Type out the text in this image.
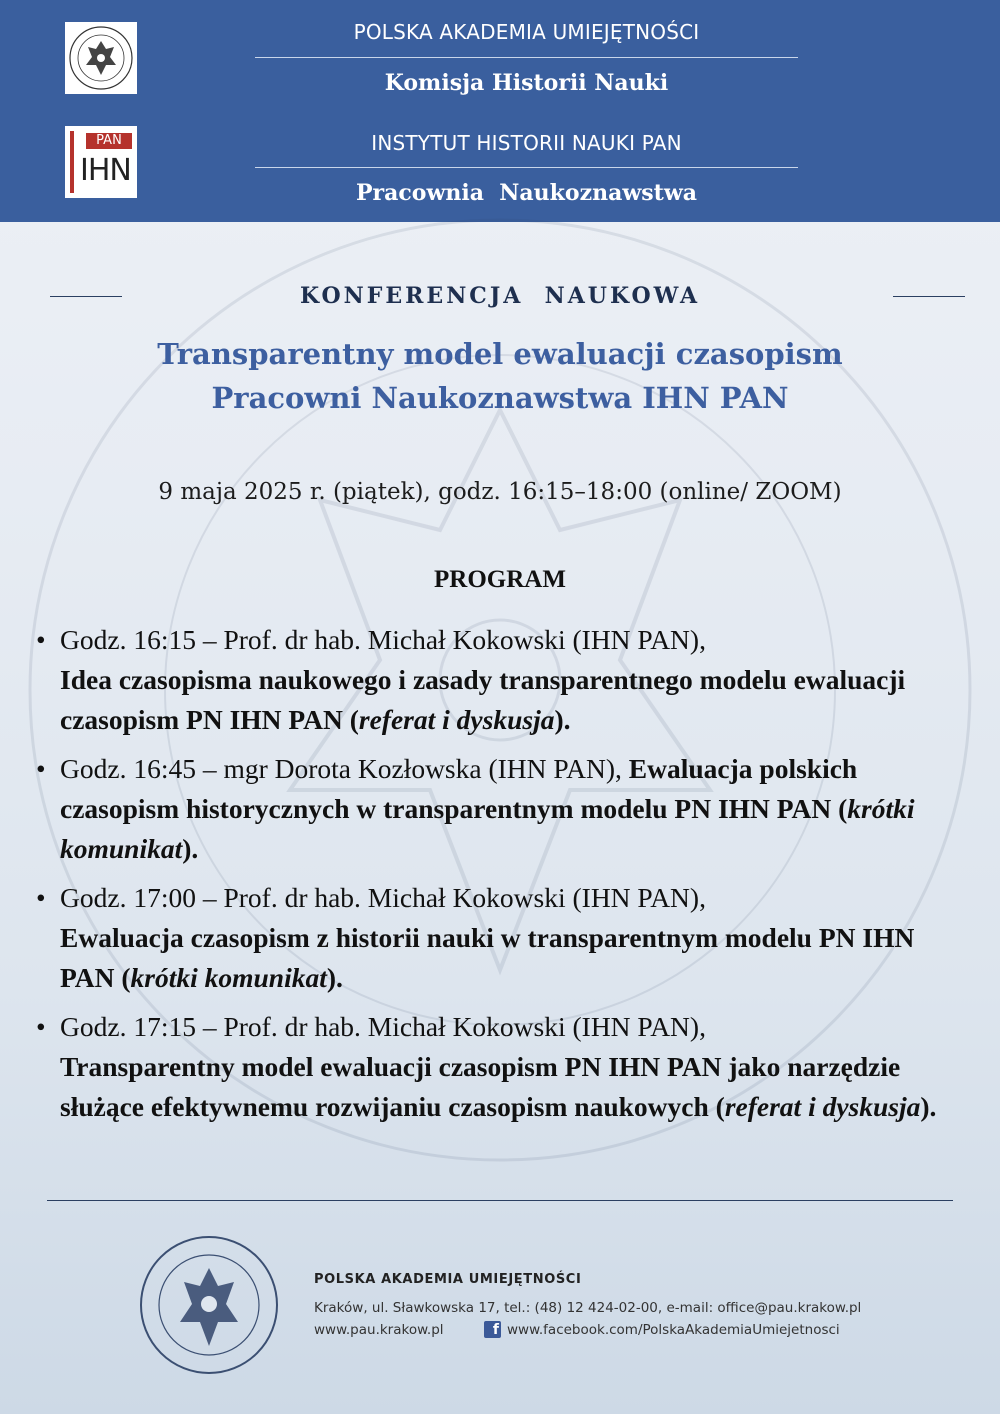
POLSKA AKADEMIA UMIEJĘTNOŚCI
Komisja Historii Nauki
PAN
IHN
INSTYTUT HISTORII NAUKI PAN
Pracownia  Naukoznawstwa
KONFERENCJA  NAUKOWA
Transparentny model ewaluacji czasopism
Pracowni Naukoznawstwa IHN PAN
9 maja 2025 r. (piątek), godz. 16:15–18:00 (online/ ZOOM)
PROGRAM
• Godz. 16:15 – Prof. dr hab. Michał Kokowski (IHN PAN),
Idea czasopisma naukowego i zasady transparentnego modelu ewaluacji czasopism PN IHN PAN (referat i dyskusja).
• Godz. 16:45 – mgr Dorota Kozłowska (IHN PAN), Ewaluacja polskich czasopism historycznych w transparentnym modelu PN IHN PAN (krótki komunikat).
• Godz. 17:00 – Prof. dr hab. Michał Kokowski (IHN PAN),
Ewaluacja czasopism z historii nauki w transparentnym modelu PN IHN PAN (krótki komunikat).
• Godz. 17:15 – Prof. dr hab. Michał Kokowski (IHN PAN),
Transparentny model ewaluacji czasopism PN IHN PAN jako narzędzie służące efektywnemu rozwijaniu czasopism naukowych (referat i dyskusja).
POLSKA AKADEMIA UMIEJĘTNOŚCI
Kraków, ul. Sławkowska 17, tel.: (48) 12 424-02-00, e-mail: office@pau.krakow.pl
www.pau.krakow.pl	f www.facebook.com/PolskaAkademiaUmiejetnosci
